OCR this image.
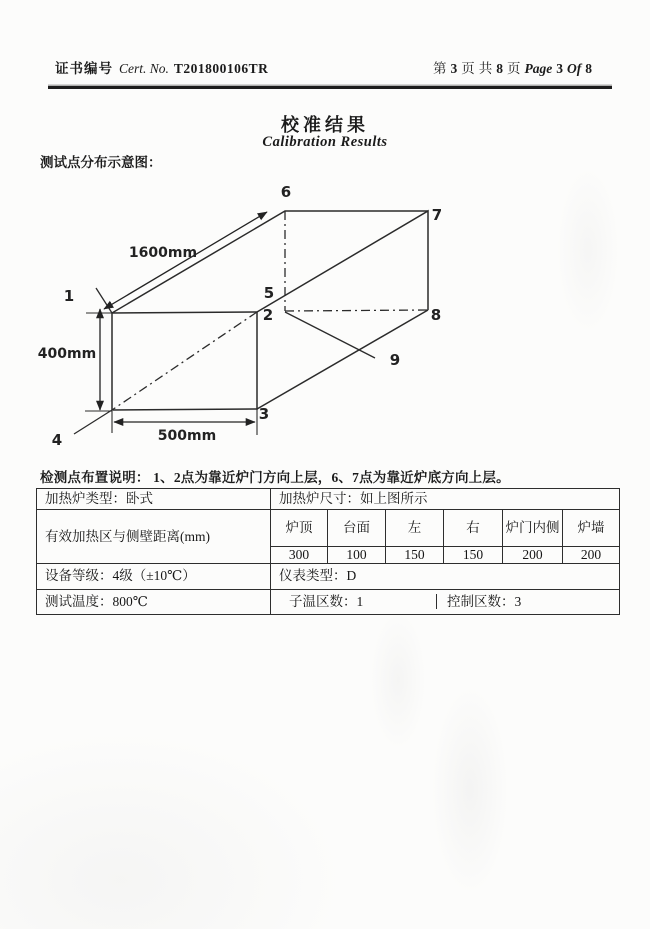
证书编号 Cert. No. T201800106TR	第 3 页 共 8 页 Page 3 Of 8
校准结果
Calibration Results
测试点分布示意图：
1
2
3
4
5
6
7
8
9
1600mm
400mm
500mm
检测点布置说明： 1、2点为靠近炉门方向上层，6、7点为靠近炉底方向上层。
加热炉类型：卧式	加热炉尺寸：如上图所示					
有效加热区与侧壁距离(mm)	炉顶	台面	左	右	炉门内侧	炉墙
	300	100	150	150	200	200
设备等级：4级（±10℃）	仪表类型：D					
测试温度：800℃	子温区数：1 控制区数：3					
